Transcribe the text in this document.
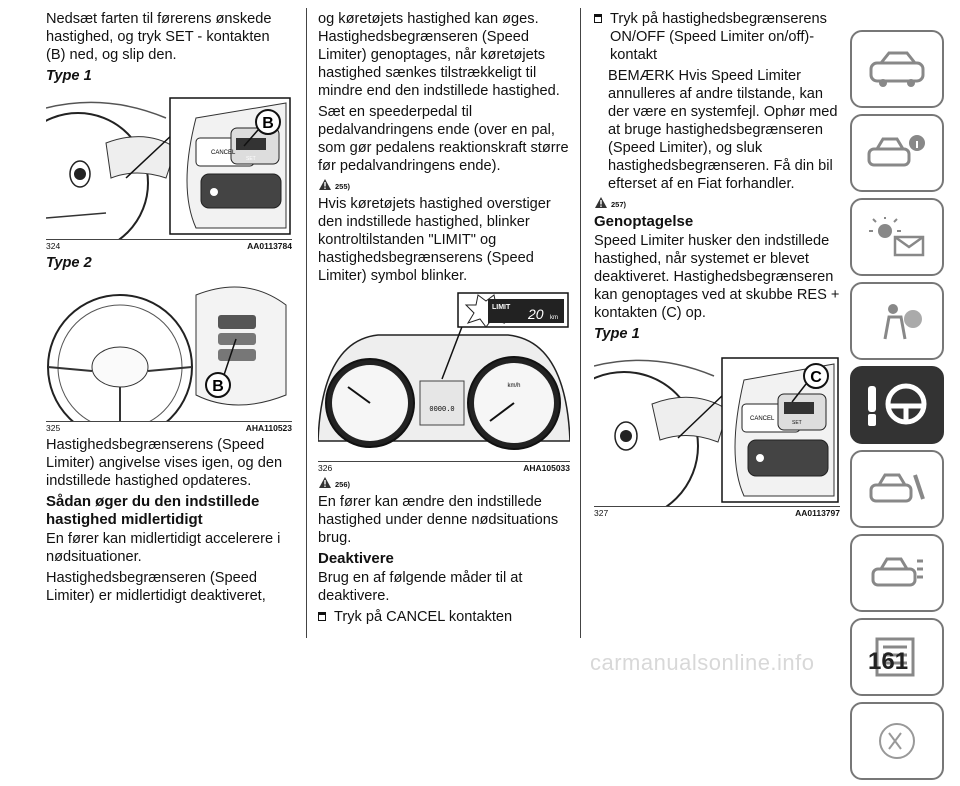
Nedsæt farten til førerens ønskede hastighed, og tryk SET - kontakten (B) ned, og slip den.

Type 1
B
CANCEL
SET
324	AA0113784
Type 2
B
325	AHA110523

Hastighedsbegrænserens (Speed Limiter) angivelse vises igen, og den indstillede hastighed opdateres.

Sådan øger du den indstillede hastighed midlertidigt

En fører kan midlertidigt accelerere i nødsituationer.

Hastighedsbegrænseren (Speed Limiter) er midlertidigt deaktiveret,

og køretøjets hastighed kan øges. Hastighedsbegrænseren (Speed Limiter) genoptages, når køretøjets hastighed sænkes tilstrækkeligt til mindre end den indstillede hastighed.

Sæt en speederpedal til pedalvandringens ende (over en pal, som gør pedalens reaktionskraft større før pedalvandringens ende).

255)

Hvis køretøjets hastighed overstiger den indstillede hastighed, blinker kontroltilstanden "LIMIT" og hastighedsbegrænserens (Speed Limiter) symbol blinker.

km/h
0000.0
LIMIT 20 km
326	AHA105033
256)

En fører kan ændre den indstillede hastighed under denne nødsituations brug.

Deaktivere

Brug en af følgende måder til at deaktivere.

Tryk på CANCEL kontakten

Tryk på hastighedsbegrænserens ON/OFF (Speed Limiter on/off)-kontakt

BEMÆRK Hvis Speed Limiter annulleres af andre tilstande, kan der være en systemfejl. Ophør med at bruge hastighedsbegrænseren (Speed Limiter), og sluk hastighedsbegrænseren. Få din bil efterset af en Fiat forhandler.

257)
Genoptagelse

Speed Limiter husker den indstillede hastighed, når systemet er blevet deaktiveret. Hastighedsbegrænseren kan genoptages ved at skubbe RES + kontakten (C) op.

Type 1
C
CANCEL
SET
327	AA0113797
carmanualsonline.info 161
